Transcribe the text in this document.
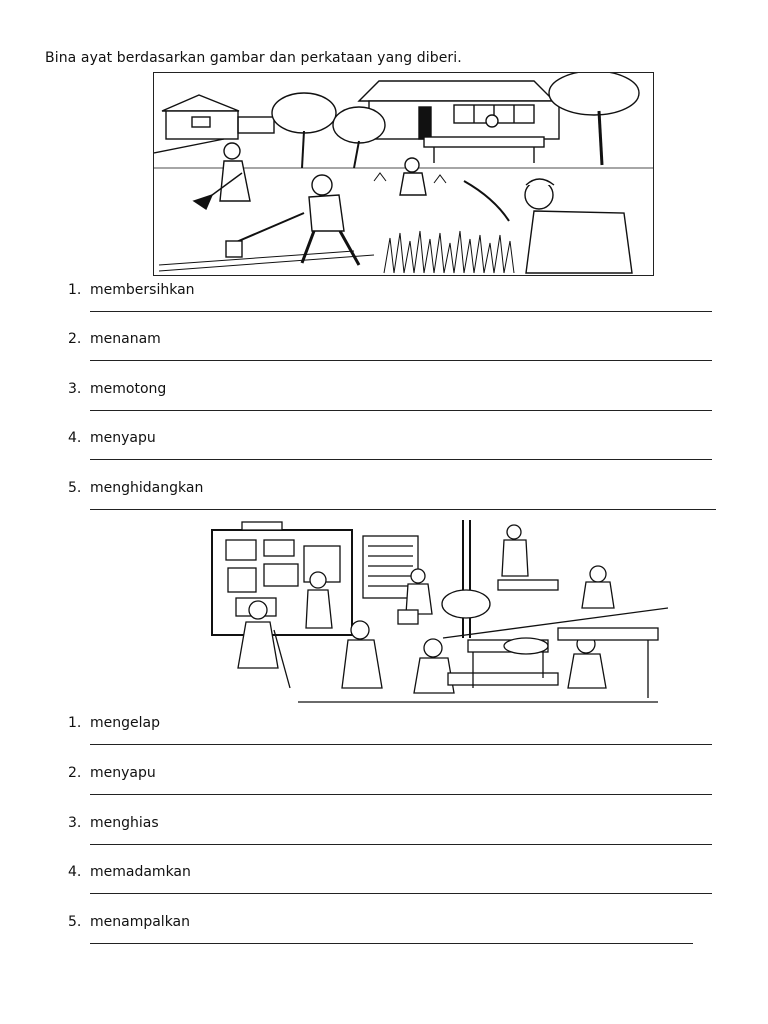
Bina ayat berdasarkan gambar dan perkataan yang diberi.
1. membersihkan
2. menanam
3. memotong
4. menyapu
5. menghidangkan
1. mengelap
2. menyapu
3. menghias
4. memadamkan
5. menampalkan
